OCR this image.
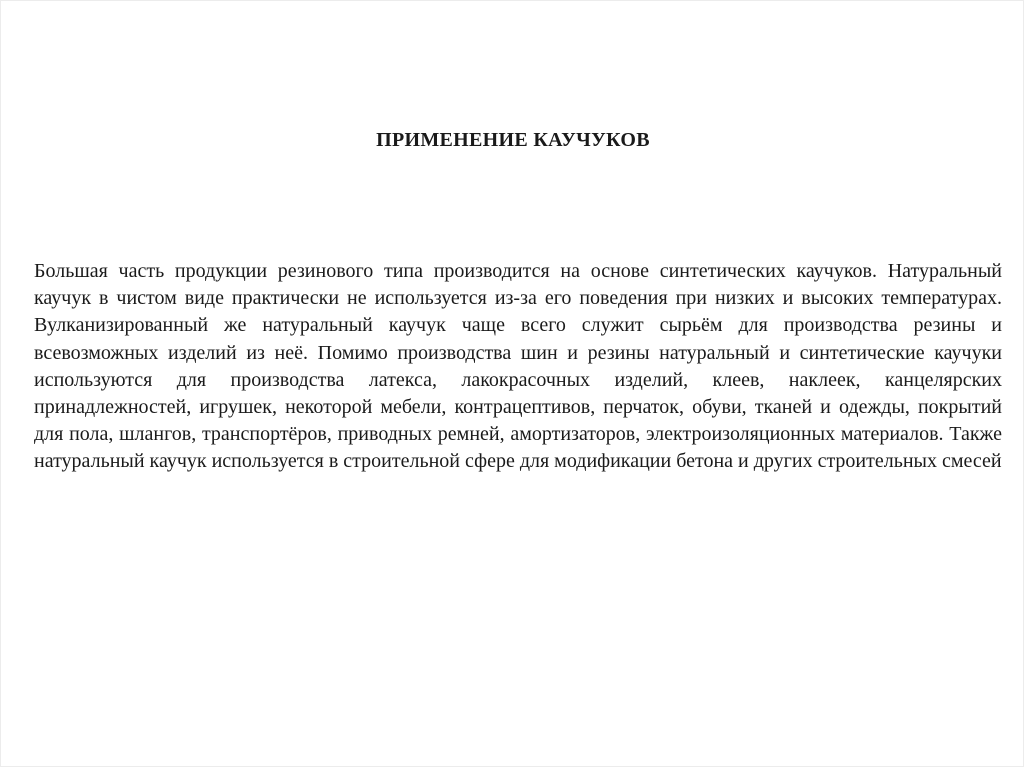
ПРИМЕНЕНИЕ КАУЧУКОВ

Большая часть продукции резинового типа производится на основе синтетических каучуков. Натуральный каучук в чистом виде практически не используется из-за его поведения при низких и высоких температурах. Вулканизированный же натуральный каучук чаще всего служит сырьём для производства резины и всевозможных изделий из неё. Помимо производства шин и резины натуральный и синтетические каучуки используются для производства латекса, лакокрасочных изделий, клеев, наклеек, канцелярских принадлежностей, игрушек, некоторой мебели, контрацептивов, перчаток, обуви, тканей и одежды, покрытий для пола, шлангов, транспортёров, приводных ремней, амортизаторов, электроизоляционных материалов. Также натуральный каучук используется в строительной сфере для модификации бетона и других строительных смесей
